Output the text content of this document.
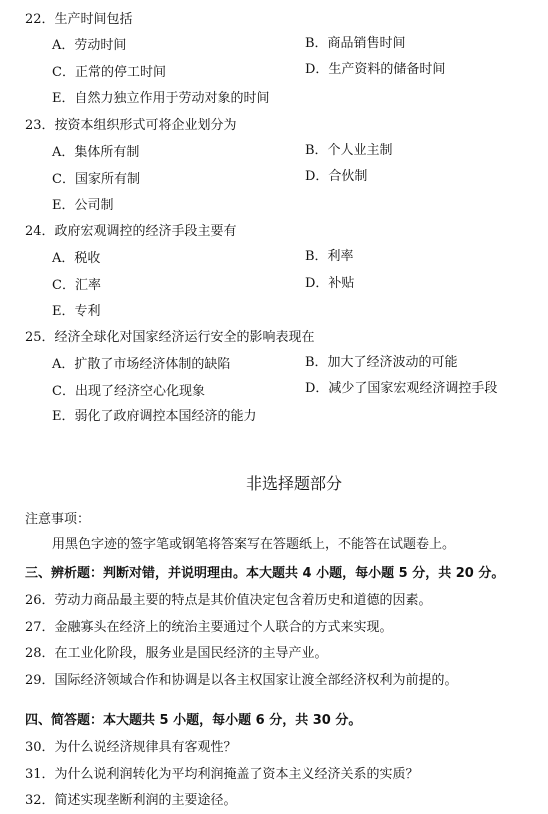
22．生产时间包括
A．劳动时间	B．商品销售时间
C．正常的停工时间	D．生产资料的储备时间
E．自然力独立作用于劳动对象的时间
23．按资本组织形式可将企业划分为
A．集体所有制	B．个人业主制
C．国家所有制	D．合伙制
E．公司制
24．政府宏观调控的经济手段主要有
A．税收	B．利率
C．汇率	D．补贴
E．专利
25．经济全球化对国家经济运行安全的影响表现在
A．扩散了市场经济体制的缺陷	B．加大了经济波动的可能
C．出现了经济空心化现象	D．减少了国家宏观经济调控手段
E．弱化了政府调控本国经济的能力
非选择题部分
注意事项：
用黑色字迹的签字笔或钢笔将答案写在答题纸上，不能答在试题卷上。
三、辨析题：判断对错，并说明理由。本大题共 4 小题，每小题 5 分，共 20 分。
26．劳动力商品最主要的特点是其价值决定包含着历史和道德的因素。
27．金融寡头在经济上的统治主要通过个人联合的方式来实现。
28．在工业化阶段，服务业是国民经济的主导产业。
29．国际经济领域合作和协调是以各主权国家让渡全部经济权利为前提的。
四、简答题：本大题共 5 小题，每小题 6 分，共 30 分。
30．为什么说经济规律具有客观性？
31．为什么说利润转化为平均利润掩盖了资本主义经济关系的实质？
32．简述实现垄断利润的主要途径。
